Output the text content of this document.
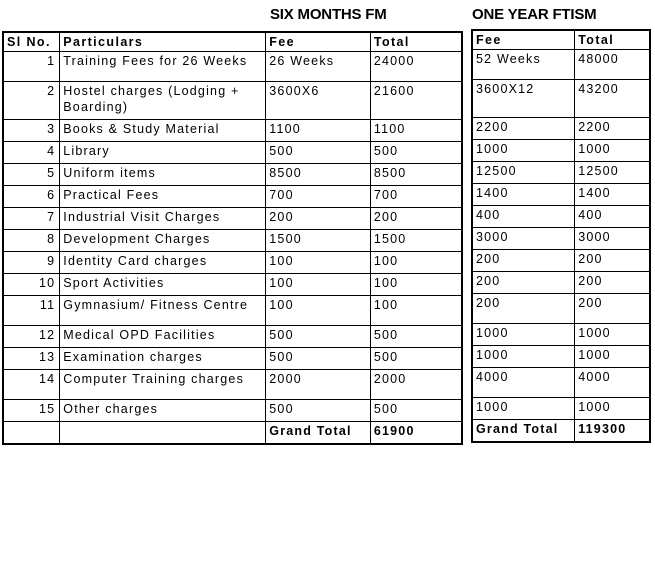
SIX MONTHS FM	ONE YEAR FTISM
Sl No.	Particulars	Fee	Total
1	Training Fees for 26 Weeks	26 Weeks	24000
2	Hostel charges (Lodging + Boarding)	3600X6	21600
3	Books & Study Material	1100	1100
4	Library	500	500
5	Uniform items	8500	8500
6	Practical Fees	700	700
7	Industrial Visit Charges	200	200
8	Development Charges	1500	1500
9	Identity Card charges	100	100
10	Sport Activities	100	100
11	Gymnasium/ Fitness Centre	100	100
12	Medical OPD Facilities	500	500
13	Examination charges	500	500
14	Computer Training charges	2000	2000
15	Other charges	500	500
		Grand Total	61900
Fee	Total
52 Weeks	48000
3600X12	43200
2200	2200
1000	1000
12500	12500
1400	1400
400	400
3000	3000
200	200
200	200
200	200
1000	1000
1000	1000
4000	4000
1000	1000
Grand Total	119300
